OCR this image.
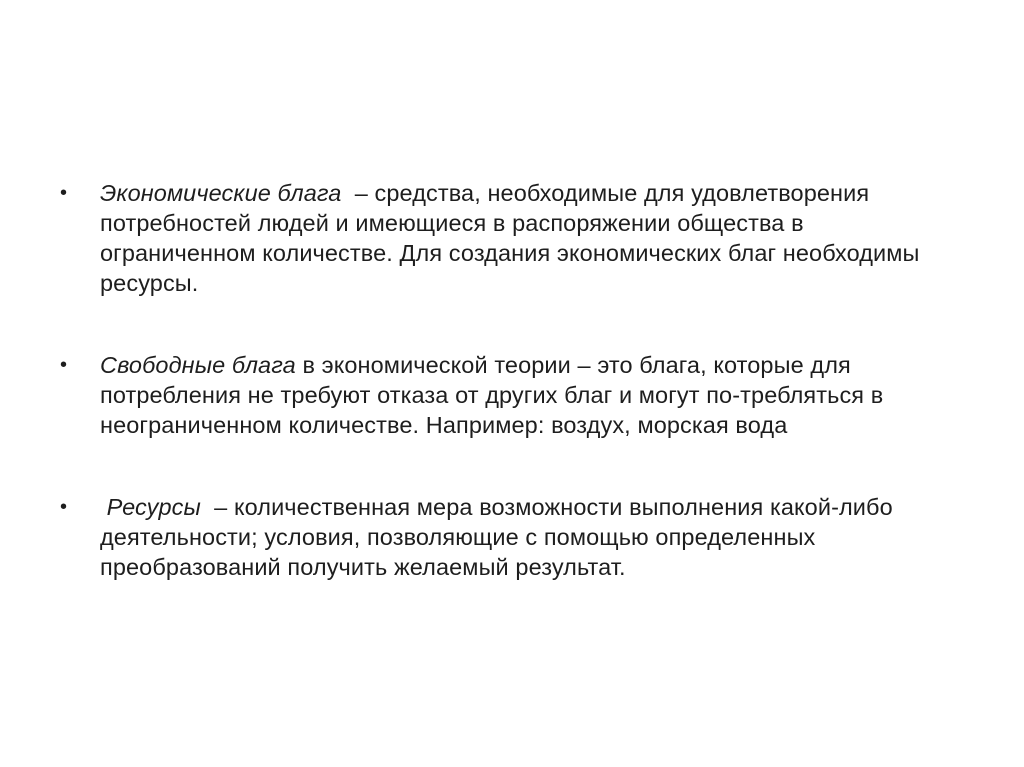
•	Экономические блага  – средства, необходимые для удовлетворения потребностей людей и имеющиеся в распоряжении общества в ограниченном количестве. Для создания экономических благ необходимы ресурсы.
•	Свободные блага в экономической теории – это блага, которые для потребления не требуют отказа от других благ и могут по-требляться в неограниченном количестве. Например: воздух, морская вода
•	Ресурсы  – количественная мера возможности выполнения какой-либо деятельности; условия, позволяющие с помощью определенных преобразований получить желаемый результат.
